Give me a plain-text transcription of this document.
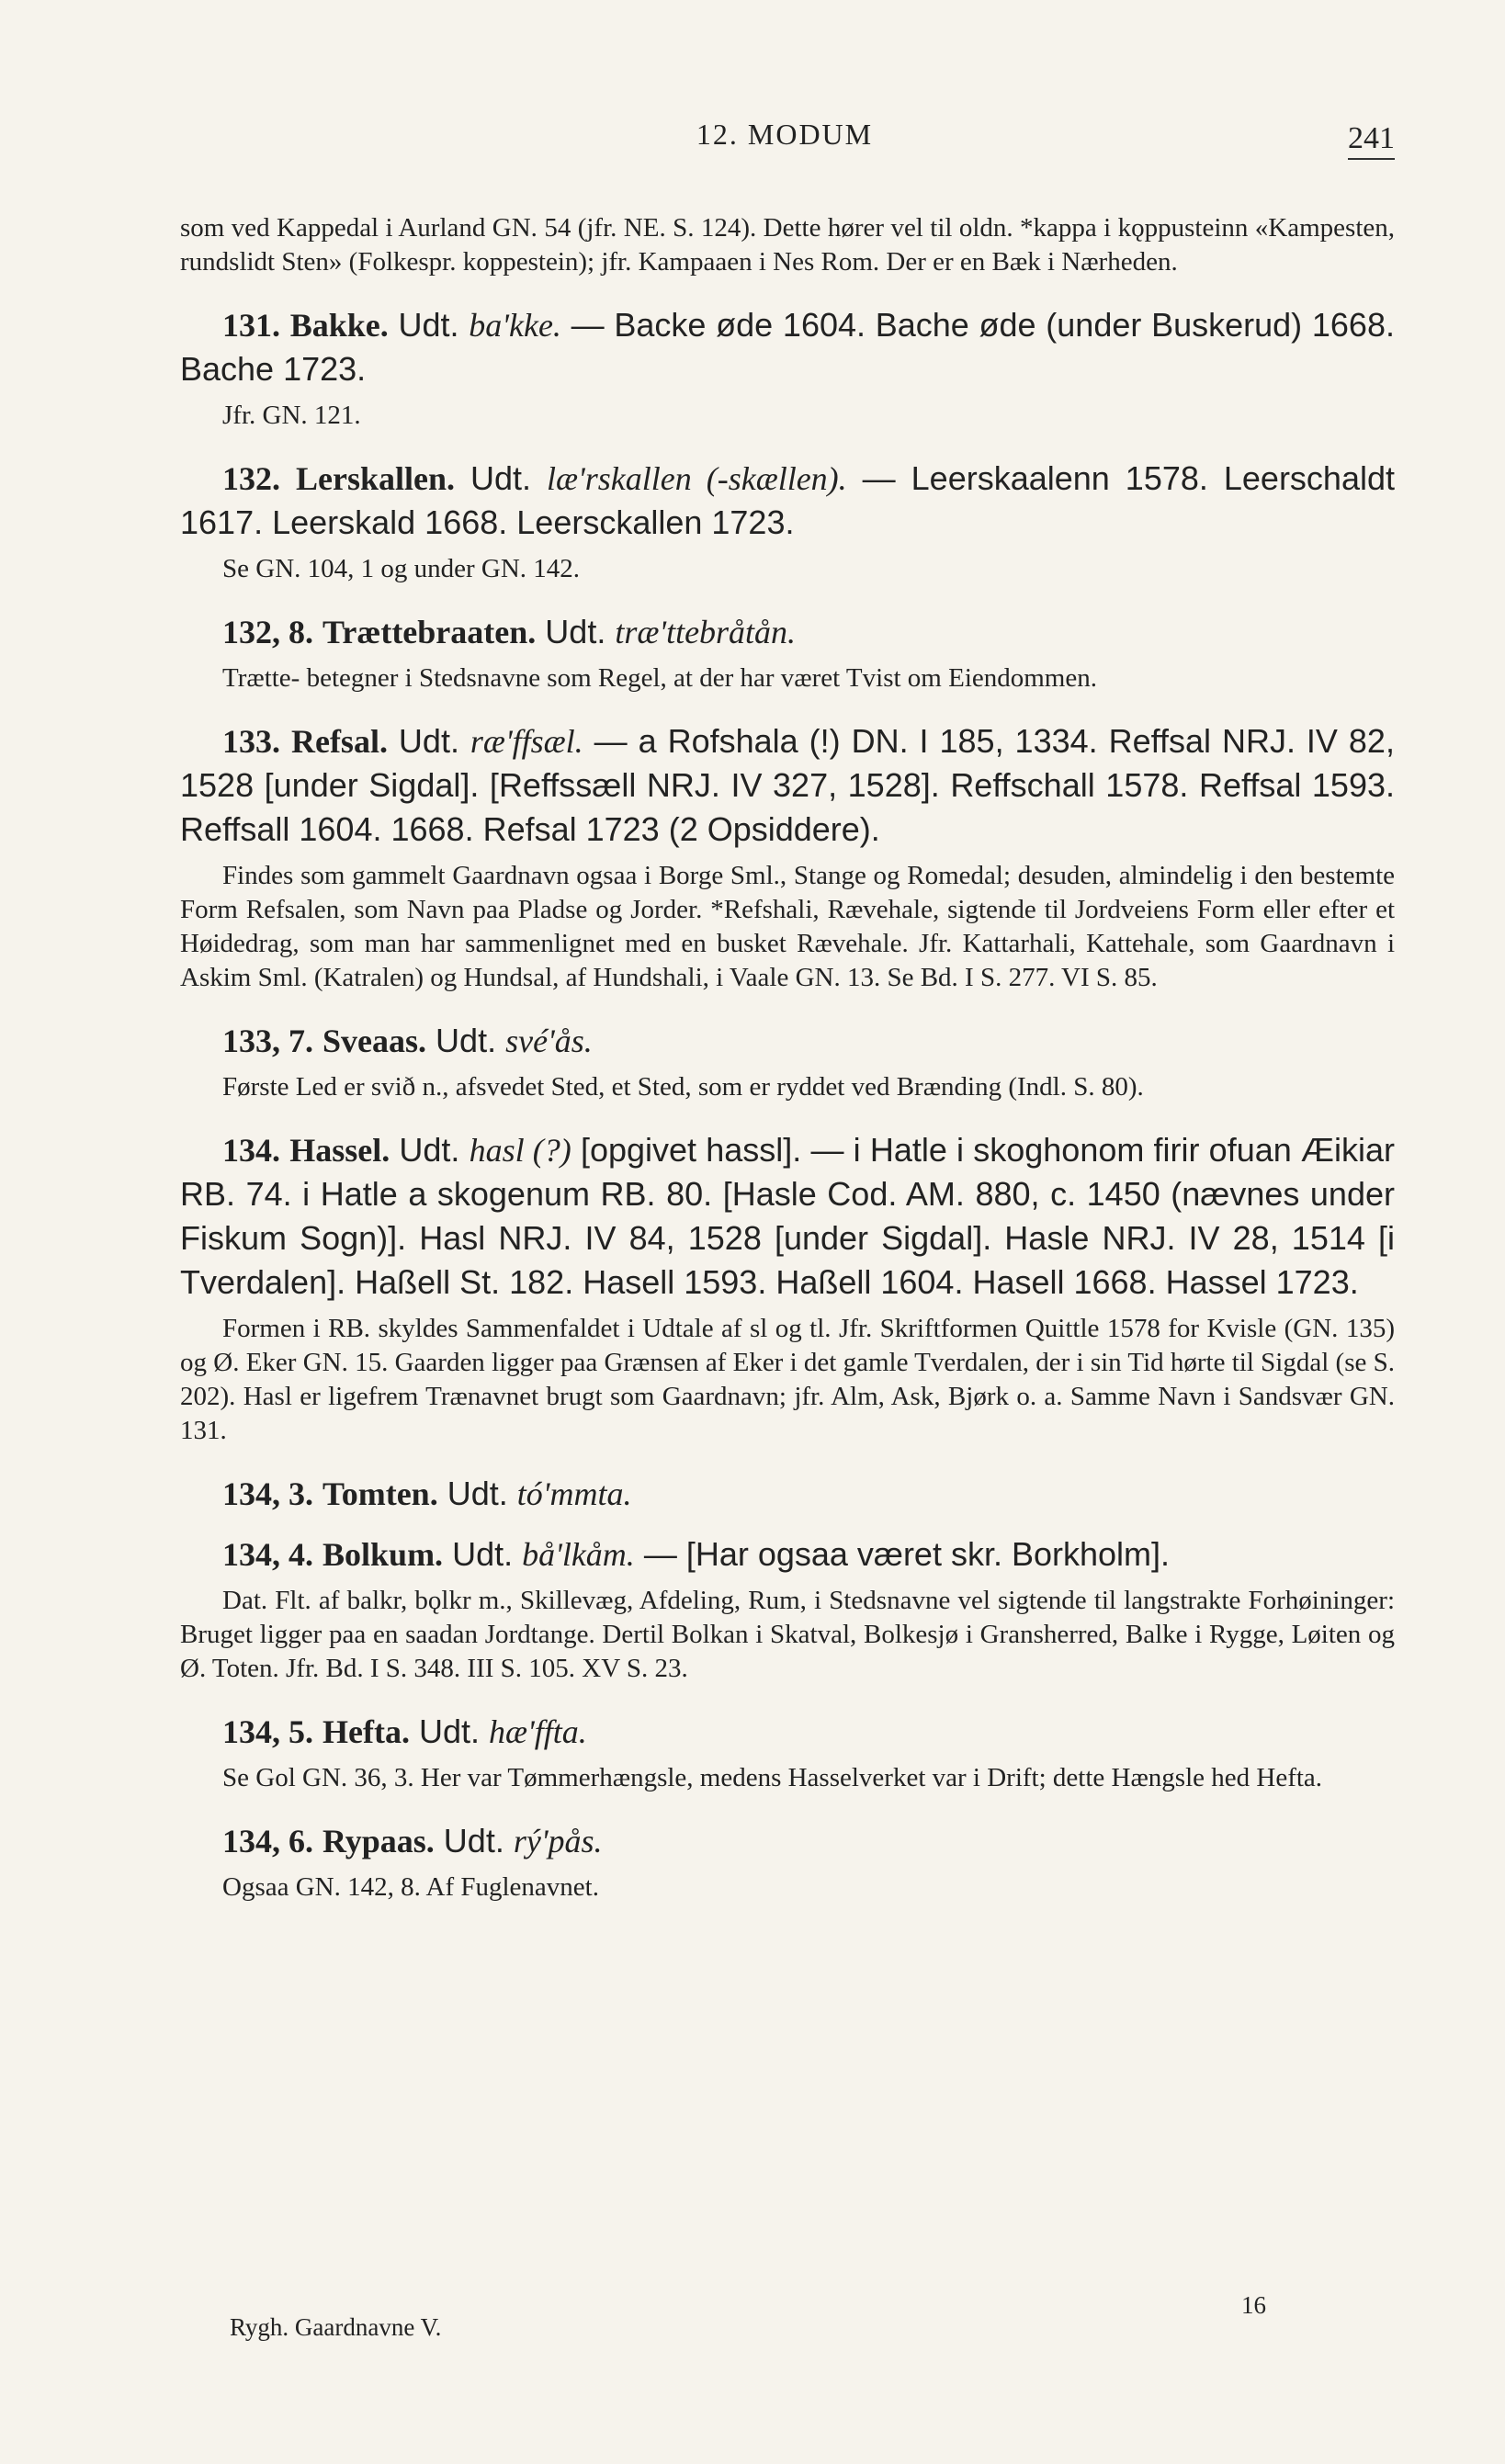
12. MODUM	241

som ved Kappedal i Aurland GN. 54 (jfr. NE. S. 124). Dette hører vel til oldn. *kappa i kǫppusteinn «Kampesten, rundslidt Sten» (Folkespr. koppestein); jfr. Kampaaen i Nes Rom. Der er en Bæk i Nærheden.

131. Bakke. Udt. ba'kke. — Backe øde 1604. Bache øde (under Buskerud) 1668. Bache 1723.

Jfr. GN. 121.

132. Lerskallen. Udt. læ'rskallen (-skællen). — Leerskaalenn 1578. Leerschaldt 1617. Leerskald 1668. Leersckallen 1723.

Se GN. 104, 1 og under GN. 142.

132, 8. Trættebraaten. Udt. træ'ttebråtån.

Trætte- betegner i Stedsnavne som Regel, at der har været Tvist om Eiendommen.

133. Refsal. Udt. ræ'ffsæl. — a Rofshala (!) DN. I 185, 1334. Reffsal NRJ. IV 82, 1528 [under Sigdal]. [Reffssæll NRJ. IV 327, 1528]. Reffschall 1578. Reffsal 1593. Reffsall 1604. 1668. Refsal 1723 (2 Opsiddere).

Findes som gammelt Gaardnavn ogsaa i Borge Sml., Stange og Romedal; desuden, almindelig i den bestemte Form Refsalen, som Navn paa Pladse og Jorder. *Refshali, Rævehale, sigtende til Jordveiens Form eller efter et Høidedrag, som man har sammenlignet med en busket Rævehale. Jfr. Kattarhali, Kattehale, som Gaardnavn i Askim Sml. (Katralen) og Hundsal, af Hundshali, i Vaale GN. 13. Se Bd. I S. 277. VI S. 85.

133, 7. Sveaas. Udt. své'ås.

Første Led er svið n., afsvedet Sted, et Sted, som er ryddet ved Brænding (Indl. S. 80).

134. Hassel. Udt. hasl (?) [opgivet hassl]. — i Hatle i skoghonom firir ofuan Æikiar RB. 74. i Hatle a skogenum RB. 80. [Hasle Cod. AM. 880, c. 1450 (nævnes under Fiskum Sogn)]. Hasl NRJ. IV 84, 1528 [under Sigdal]. Hasle NRJ. IV 28, 1514 [i Tverdalen]. Haßell St. 182. Hasell 1593. Haßell 1604. Hasell 1668. Hassel 1723.

Formen i RB. skyldes Sammenfaldet i Udtale af sl og tl. Jfr. Skriftformen Quittle 1578 for Kvisle (GN. 135) og Ø. Eker GN. 15. Gaarden ligger paa Grænsen af Eker i det gamle Tverdalen, der i sin Tid hørte til Sigdal (se S. 202). Hasl er ligefrem Trænavnet brugt som Gaardnavn; jfr. Alm, Ask, Bjørk o. a. Samme Navn i Sandsvær GN. 131.

134, 3. Tomten. Udt. tó'mmta.

134, 4. Bolkum. Udt. bå'lkåm. — [Har ogsaa været skr. Borkholm].

Dat. Flt. af balkr, bǫlkr m., Skillevæg, Afdeling, Rum, i Stedsnavne vel sigtende til langstrakte Forhøininger: Bruget ligger paa en saadan Jordtange. Dertil Bolkan i Skatval, Bolkesjø i Gransherred, Balke i Rygge, Løiten og Ø. Toten. Jfr. Bd. I S. 348. III S. 105. XV S. 23.

134, 5. Hefta. Udt. hæ'ffta.

Se Gol GN. 36, 3. Her var Tømmerhængsle, medens Hasselverket var i Drift; dette Hængsle hed Hefta.

134, 6. Rypaas. Udt. rý'pås.

Ogsaa GN. 142, 8. Af Fuglenavnet.

Rygh. Gaardnavne V.
16
